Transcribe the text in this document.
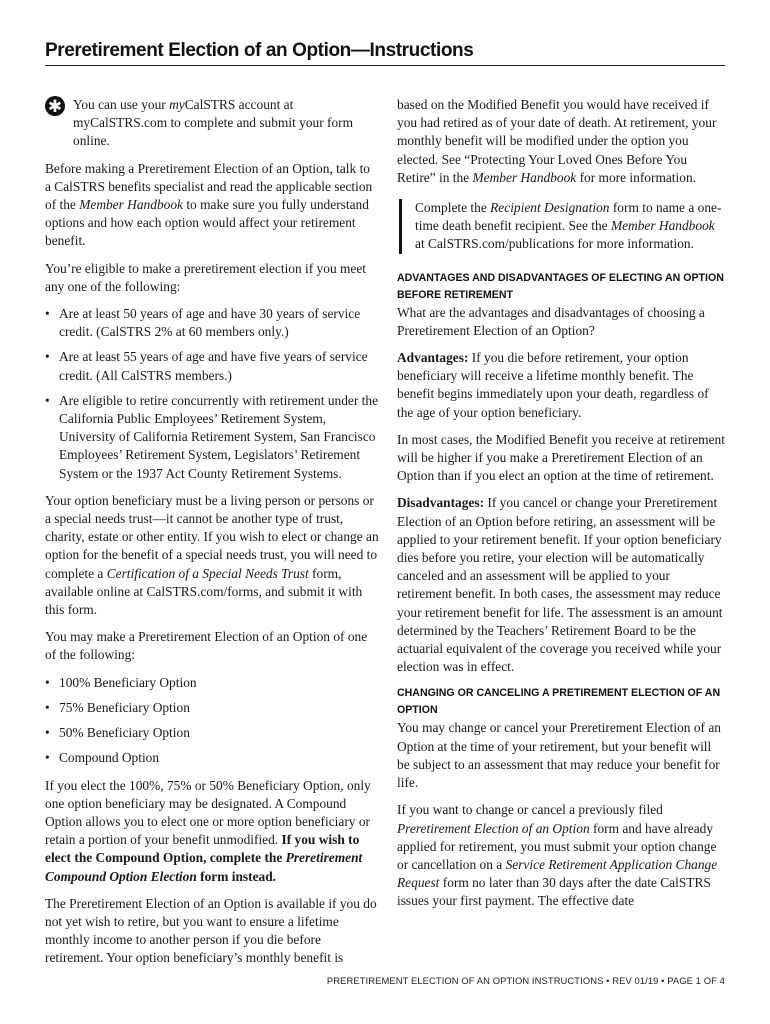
Preretirement Election of an Option—Instructions
✱ You can use your myCalSTRS account at myCalSTRS.com to complete and submit your form online.

Before making a Preretirement Election of an Option, talk to a CalSTRS benefits specialist and read the applicable section of the Member Handbook to make sure you fully understand options and how each option would affect your retirement benefit.

You’re eligible to make a preretirement election if you meet any one of the following:

• Are at least 50 years of age and have 30 years of service credit. (CalSTRS 2% at 60 members only.)
• Are at least 55 years of age and have five years of service credit. (All CalSTRS members.)
• Are eligible to retire concurrently with retirement under the California Public Employees’ Retirement System, University of California Retirement System, San Francisco Employees’ Retirement System, Legislators’ Retirement System or the 1937 Act County Retirement Systems.

Your option beneficiary must be a living person or persons or a special needs trust—it cannot be another type of trust, charity, estate or other entity. If you wish to elect or change an option for the benefit of a special needs trust, you will need to complete a Certification of a Special Needs Trust form, available online at CalSTRS.com/forms, and submit it with this form.

You may make a Preretirement Election of an Option of one of the following:

• 100% Beneficiary Option
• 75% Beneficiary Option
• 50% Beneficiary Option
• Compound Option

If you elect the 100%, 75% or 50% Beneficiary Option, only one option beneficiary may be designated. A Compound Option allows you to elect one or more option beneficiary or retain a portion of your benefit unmodified. If you wish to elect the Compound Option, complete the Preretirement Compound Option Election form instead.

The Preretirement Election of an Option is available if you do not yet wish to retire, but you want to ensure a lifetime monthly income to another person if you die before retirement. Your option beneficiary’s monthly benefit is

based on the Modified Benefit you would have received if you had retired as of your date of death. At retirement, your monthly benefit will be modified under the option you elected. See “Protecting Your Loved Ones Before You Retire” in the Member Handbook for more information.

Complete the Recipient Designation form to name a one-time death benefit recipient. See the Member Handbook at CalSTRS.com/publications for more information.
ADVANTAGES AND DISADVANTAGES OF ELECTING AN OPTION BEFORE RETIREMENT

What are the advantages and disadvantages of choosing a Preretirement Election of an Option?

Advantages: If you die before retirement, your option beneficiary will receive a lifetime monthly benefit. The benefit begins immediately upon your death, regardless of the age of your option beneficiary.

In most cases, the Modified Benefit you receive at retirement will be higher if you make a Preretirement Election of an Option than if you elect an option at the time of retirement.

Disadvantages: If you cancel or change your Preretirement Election of an Option before retiring, an assessment will be applied to your retirement benefit. If your option beneficiary dies before you retire, your election will be automatically canceled and an assessment will be applied to your retirement benefit. In both cases, the assessment may reduce your retirement benefit for life. The assessment is an amount determined by the Teachers’ Retirement Board to be the actuarial equivalent of the coverage you received while your election was in effect.

CHANGING OR CANCELING A PRETIREMENT ELECTION OF AN OPTION

You may change or cancel your Preretirement Election of an Option at the time of your retirement, but your benefit will be subject to an assessment that may reduce your benefit for life.

If you want to change or cancel a previously filed Preretirement Election of an Option form and have already applied for retirement, you must submit your option change or cancellation on a Service Retirement Application Change Request form no later than 30 days after the date CalSTRS issues your first payment. The effective date

PRERETIREMENT ELECTION OF AN OPTION INSTRUCTIONS • REV 01/19 • PAGE 1 OF 4
